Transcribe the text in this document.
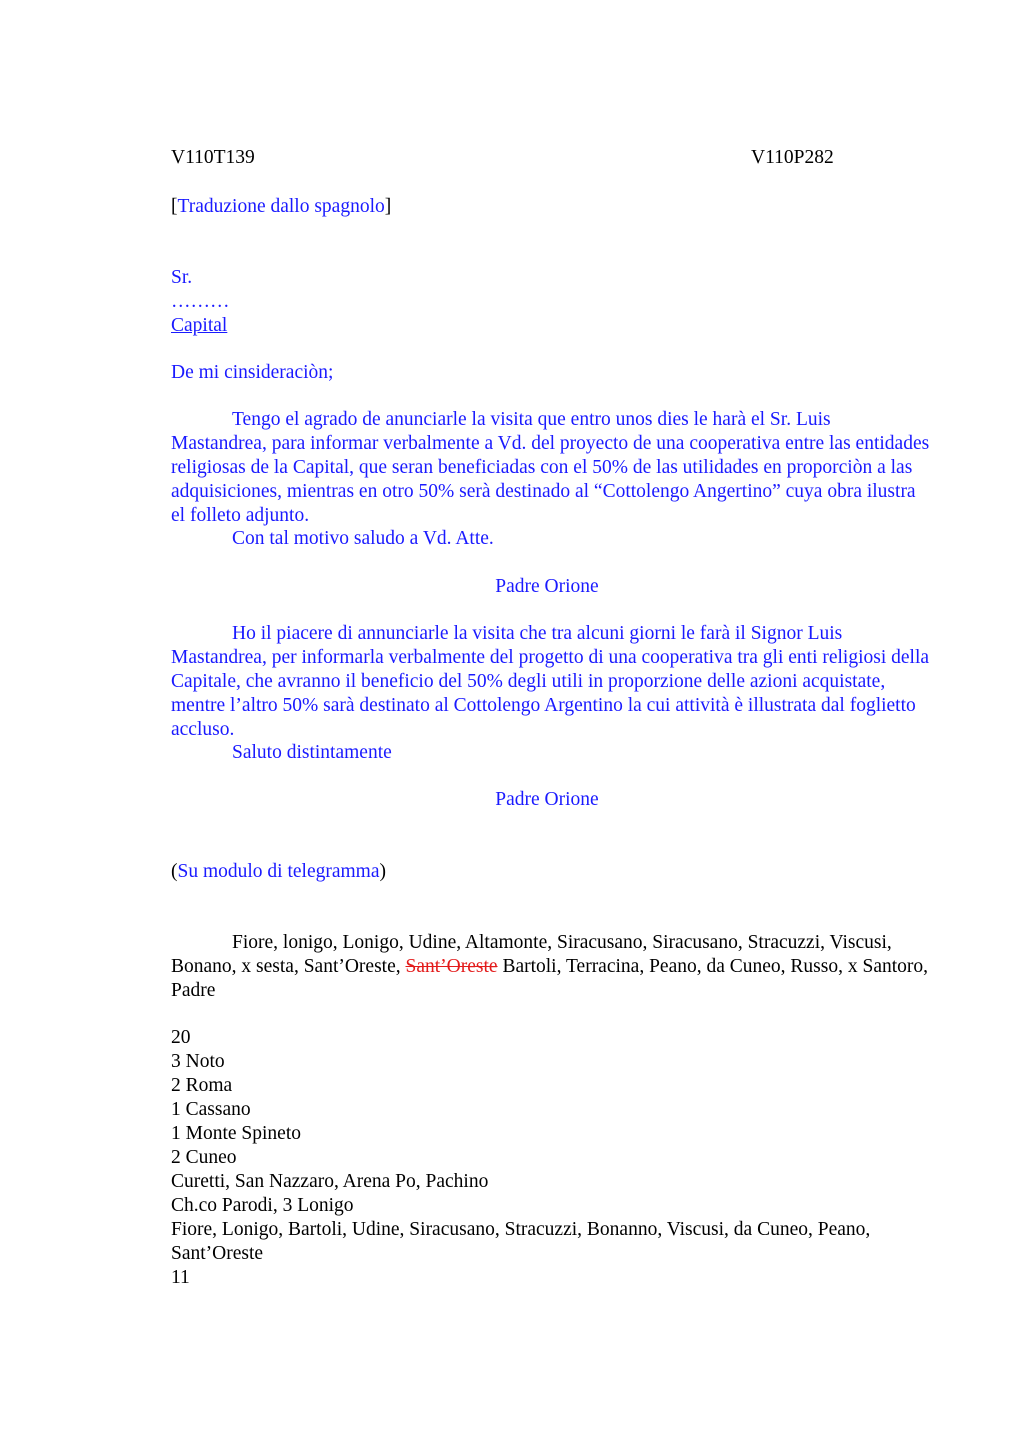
V110T139	V110P282

[Traduzione dallo spagnolo]

Sr.
………
Capital

De mi cinsideraciòn;

Tengo el agrado de anunciarle la visita que entro unos dies le harà el Sr. Luis Mastandrea, para informar verbalmente a Vd. del proyecto de una cooperativa entre las entidades religiosas de la Capital, que seran beneficiadas con el 50% de las utilidades en proporciòn a las adquisiciones, mientras en otro 50% serà destinado al “Cottolengo Angertino” cuya obra ilustra el folleto adjunto.

Con tal motivo saludo a Vd. Atte.

Padre Orione

Ho il piacere di annunciarle la visita che tra alcuni giorni le farà il Signor Luis Mastandrea, per informarla verbalmente del progetto di una cooperativa tra gli enti religiosi della Capitale, che avranno il beneficio del 50% degli utili in proporzione delle azioni acquistate, mentre l’altro 50% sarà destinato al Cottolengo Argentino la cui attività è illustrata dal foglietto accluso.

Saluto distintamente

Padre Orione

(Su modulo di telegramma)

Fiore, lonigo, Lonigo, Udine, Altamonte, Siracusano, Siracusano, Stracuzzi, Viscusi, Bonano, x sesta, Sant’Oreste, Sant’Oreste Bartoli, Terracina, Peano, da Cuneo, Russo, x Santoro, Padre

20
3 Noto
2 Roma
1 Cassano
1 Monte Spineto
2 Cuneo
Curetti, San Nazzaro, Arena Po, Pachino
Ch.co Parodi, 3 Lonigo
Fiore, Lonigo, Bartoli, Udine, Siracusano, Stracuzzi, Bonanno, Viscusi, da Cuneo, Peano, Sant’Oreste
11
